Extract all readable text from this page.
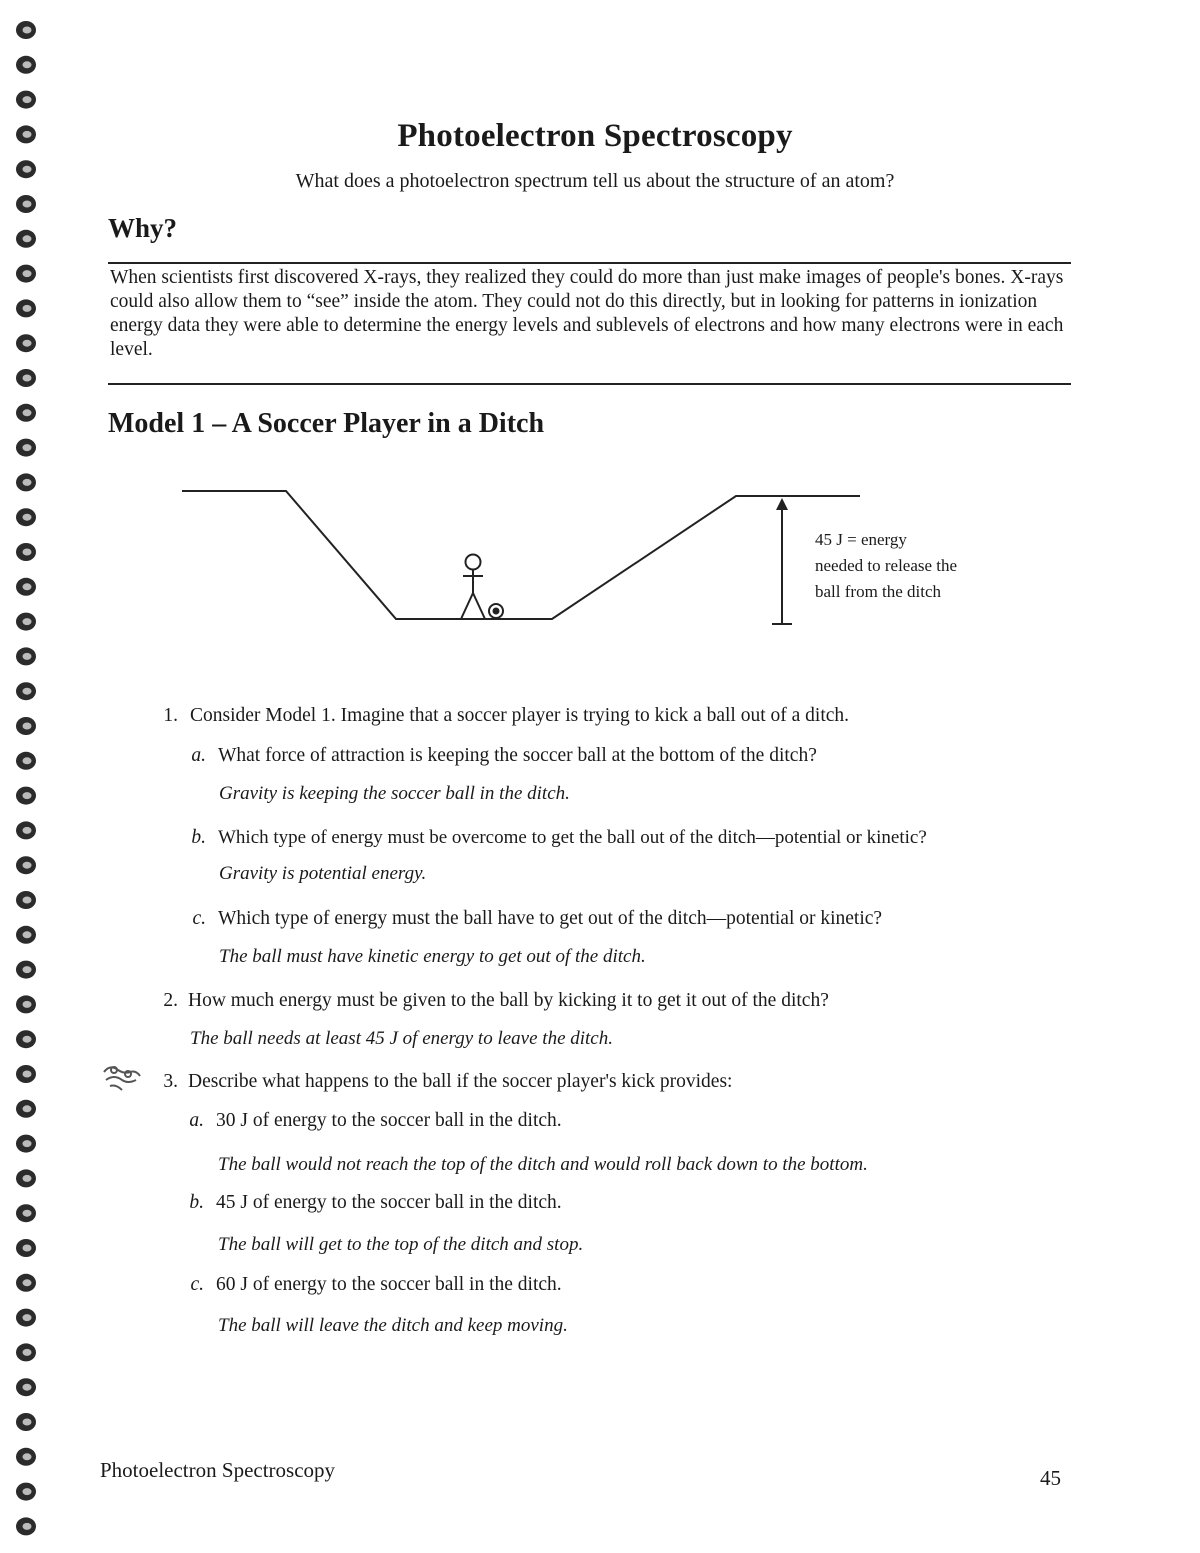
Photoelectron Spectroscopy
What does a photoelectron spectrum tell us about the structure of an atom?
Why?

When scientists first discovered X-rays, they realized they could do more than just make images of people's bones. X-rays could also allow them to “see” inside the atom. They could not do this directly, but in looking for patterns in ionization energy data they were able to determine the energy levels and sublevels of electrons and how many electrons were in each level.

Model 1 – A Soccer Player in a Ditch
45 J = energy
needed to release the
ball from the ditch
1. Consider Model 1. Imagine that a soccer player is trying to kick a ball out of a ditch.
a. What force of attraction is keeping the soccer ball at the bottom of the ditch?
Gravity is keeping the soccer ball in the ditch.
b. Which type of energy must be overcome to get the ball out of the ditch—potential or kinetic?
Gravity is potential energy.
c. Which type of energy must the ball have to get out of the ditch—potential or kinetic?
The ball must have kinetic energy to get out of the ditch.
2. How much energy must be given to the ball by kicking it to get it out of the ditch?
The ball needs at least 45 J of energy to leave the ditch.
3. Describe what happens to the ball if the soccer player's kick provides:
a. 30 J of energy to the soccer ball in the ditch.
The ball would not reach the top of the ditch and would roll back down to the bottom.
b. 45 J of energy to the soccer ball in the ditch.
The ball will get to the top of the ditch and stop.
c. 60 J of energy to the soccer ball in the ditch.
The ball will leave the ditch and keep moving.
Photoelectron Spectroscopy	45
